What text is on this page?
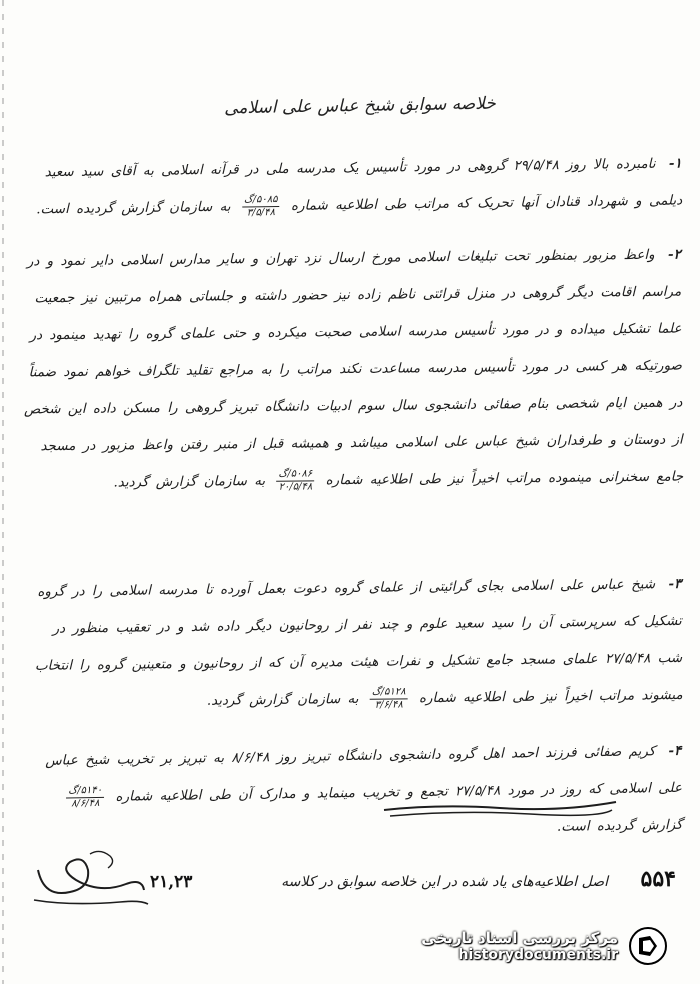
خلاصه سوابق شیخ عباس علی اسلامی
۱- نامبرده بالا روز ۲۹/۵/۴۸ گروهی در مورد تأسیس یک مدرسه ملی در قرآنه اسلامی به آقای سید سعید دیلمی و شهرداد قنادان آنها تحریک که مراتب طی اطلاعیه شماره
$\frac{\text{۵۰۸۵/گ}}{۳/۵/۴۸}$
به سازمان گزارش گردیده است.
۲- واعظ مزبور بمنظور تحت تبلیغات اسلامی مورخ ارسال نزد تهران و سایر مدارس اسلامی دایر نمود و در مراسم اقامت دیگر گروهی در منزل قرائتی ناظم زاده نیز حضور داشته و جلساتی همراه مرتبین نیز جمعیت علما تشکیل میداده و در مورد تأسیس مدرسه اسلامی صحبت میکرده و حتی علمای گروه را تهدید مینمود در صورتیکه هر کسی در مورد تأسیس مدرسه مساعدت نکند مراتب را به مراجع تقلید تلگراف خواهم نمود ضمناً در همین ایام شخصی بنام صفائی دانشجوی سال سوم ادبیات دانشگاه تبریز گروهی را مسکن داده این شخص از دوستان و طرفداران شیخ عباس علی اسلامی میباشد و همیشه قبل از منبر رفتن واعظ مزبور در مسجد جامع سخنرانی مینموده مراتب اخیراً نیز طی اطلاعیه شماره
$\frac{\text{۵۰۸۶/گ}}{۲۰/۵/۴۸}$
به سازمان گزارش گردید.
۳- شیخ عباس علی اسلامی بجای گرائیتی از علمای گروه دعوت بعمل آورده تا مدرسه اسلامی را در گروه تشکیل که سرپرستی آن را سید سعید علوم و چند نفر از روحانیون دیگر داده شد و در تعقیب منظور در شب ۲۷/۵/۴۸ علمای مسجد جامع تشکیل و نفرات هیئت مدیره آن که از روحانیون و متعینین گروه را انتخاب میشوند مراتب اخیراً نیز طی اطلاعیه شماره
$\frac{\text{۵۱۲۸/گ}}{۳/۶/۴۸}$
به سازمان گزارش گردید.
۴- کریم صفائی فرزند احمد اهل گروه دانشجوی دانشگاه تبریز روز ۸/۶/۴۸ به تبریز بر تخریب شیخ عباس علی اسلامی که روز در مورد ۲۷/۵/۴۸ تجمع و تخریب مینماید و مدارک آن طی اطلاعیه شماره
$\frac{\text{۵۱۴۰/گ}}{۸/۶/۴۸}$
گزارش گردیده است.
۵۵۴
اصل اطلاعیه‌های یاد شده در این خلاصه سوابق در کلاسه
۲۱,۲۳
مرکز بررسی اسناد تاریخی
historydocuments.ir
